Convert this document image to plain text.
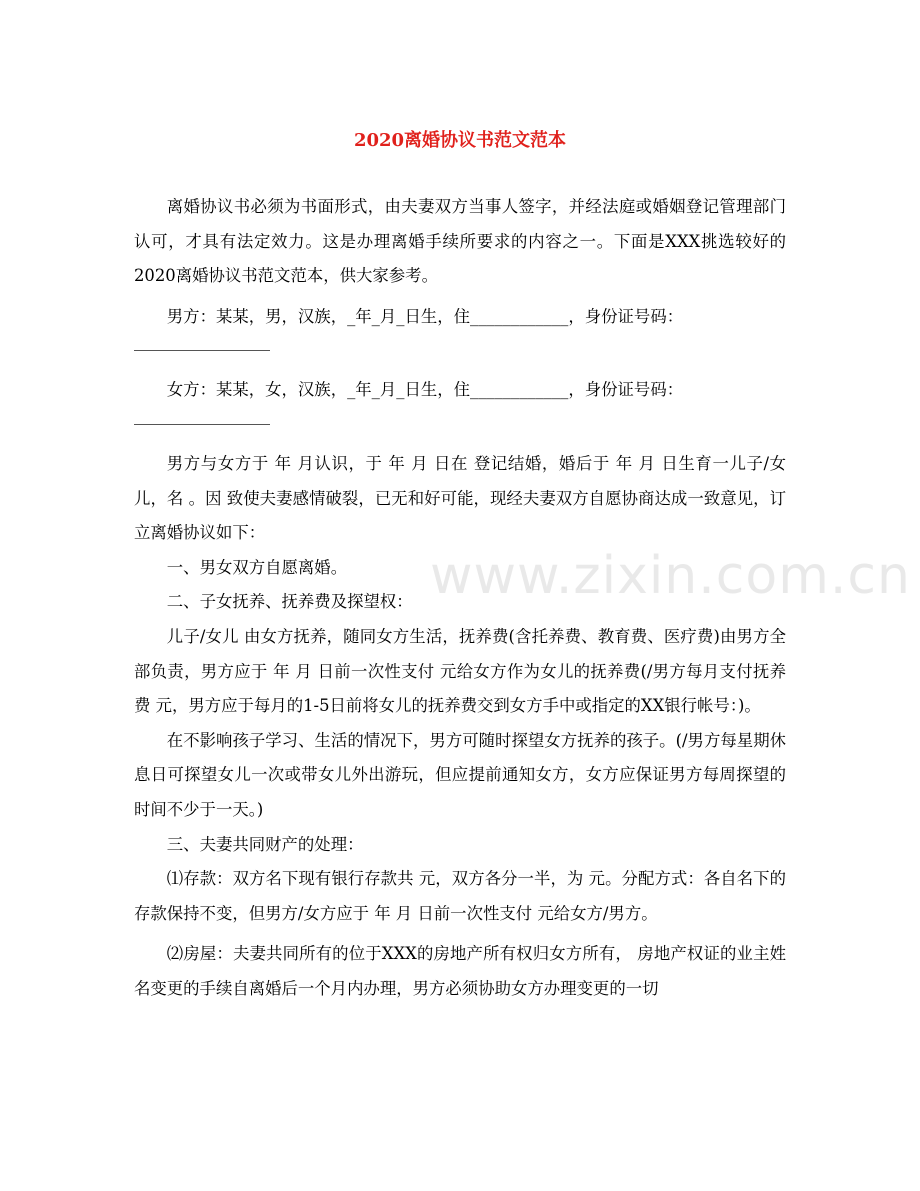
2020离婚协议书范文范本

离婚协议书必须为书面形式，由夫妻双方当事人签字，并经法庭或婚姻登记管理部门认可，才具有法定效力。这是办理离婚手续所要求的内容之一。下面是XXX挑选较好的2020离婚协议书范文范本，供大家参考。

男方：某某，男，汉族，_年_月_日生，住____________，身份证号码：

女方：某某，女，汉族，_年_月_日生，住____________，身份证号码：

男方与女方于 年 月认识，于 年 月 日在 登记结婚，婚后于 年 月 日生育一儿子/女儿，名 。因 致使夫妻感情破裂，已无和好可能，现经夫妻双方自愿协商达成一致意见，订立离婚协议如下：

一、男女双方自愿离婚。

二、子女抚养、抚养费及探望权：

儿子/女儿 由女方抚养，随同女方生活，抚养费(含托养费、教育费、医疗费)由男方全部负责，男方应于 年 月 日前一次性支付 元给女方作为女儿的抚养费(/男方每月支付抚养费 元，男方应于每月的1-5日前将女儿的抚养费交到女方手中或指定的XX银行帐号：)。

在不影响孩子学习、生活的情况下，男方可随时探望女方抚养的孩子。(/男方每星期休息日可探望女儿一次或带女儿外出游玩，但应提前通知女方，女方应保证男方每周探望的时间不少于一天。)

三、夫妻共同财产的处理：

⑴存款：双方名下现有银行存款共 元，双方各分一半，为 元。分配方式：各自名下的存款保持不变，但男方/女方应于 年 月 日前一次性支付 元给女方/男方。

⑵房屋：夫妻共同所有的位于XXX的房地产所有权归女方所有， 房地产权证的业主姓名变更的手续自离婚后一个月内办理，男方必须协助女方办理变更的一切

www.zixin.com.cn
